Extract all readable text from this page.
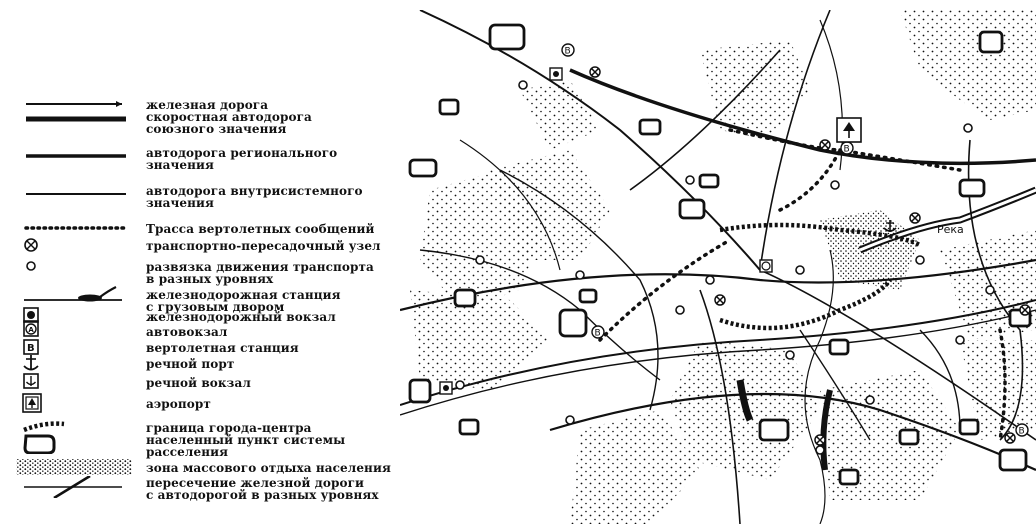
железная дорога
скоростная автодорога
союзного значения
автодорога регионального
значения
автодорога внутрисистемного
значения
Трасса вертолетных сообщений
транспортно-пересадочный узел
развязка движения транспорта
в разных уровнях
железнодорожная станция
с грузовым двором
железнодорожный вокзал
A	автовокзал
B	вертолетная станция
речной порт
речной вокзал
аэропорт
граница города-центра
населенный пункт системы
расселения
зона массового отдыха населения
пересечение железной дороги
с автодорогой в разных уровнях
Река
B
B
B
B
